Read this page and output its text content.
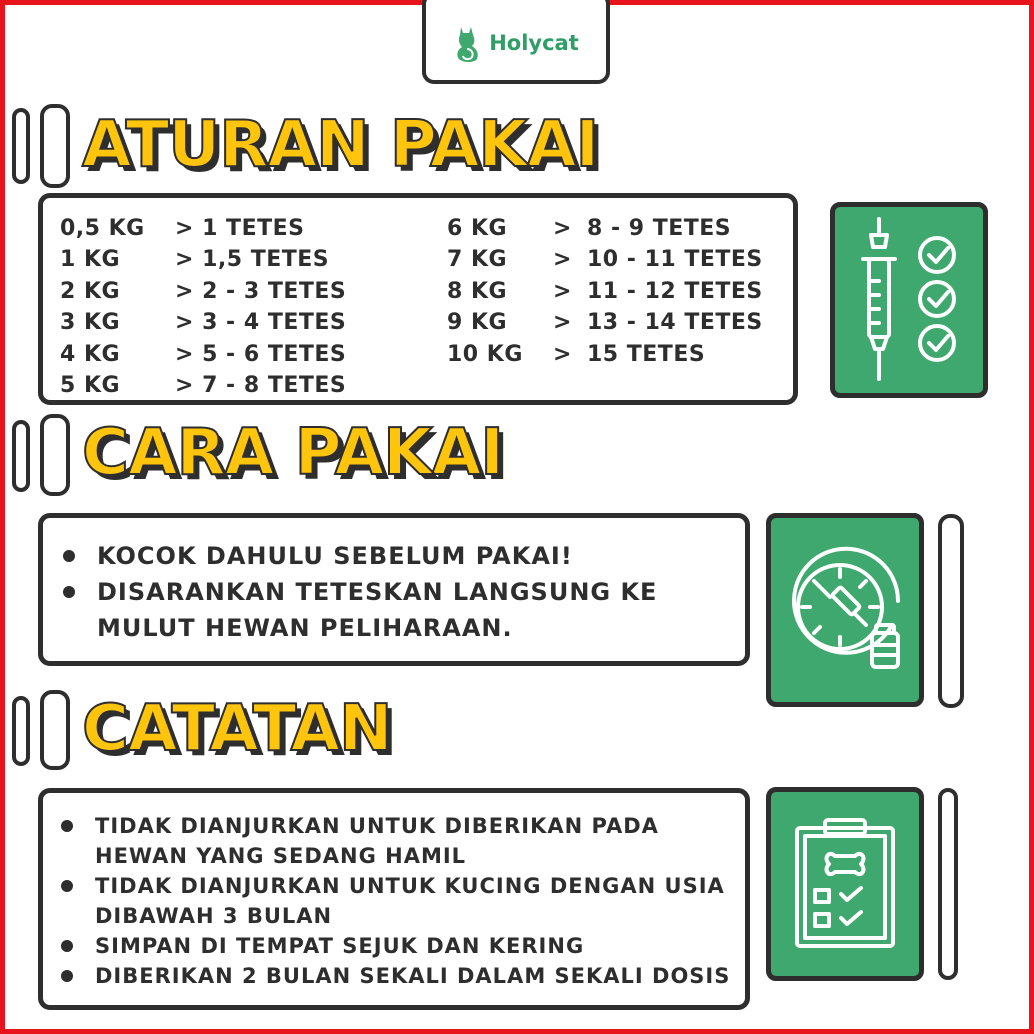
Holycat
ATURAN PAKAI
0,5 KG > 1 TETES
1 KG > 1,5 TETES
2 KG > 2 - 3 TETES
3 KG > 3 - 4 TETES
4 KG > 5 - 6 TETES
5 KG > 7 - 8 TETES
6 KG > 8 - 9 TETES
7 KG > 10 - 11 TETES
8 KG > 11 - 12 TETES
9 KG > 13 - 14 TETES
10 KG > 15 TETES
CARA PAKAI
KOCOK DAHULU SEBELUM PAKAI!
DISARANKAN TETESKAN LANGSUNG KE MULUT HEWAN PELIHARAAN.
CATATAN
TIDAK DIANJURKAN UNTUK DIBERIKAN PADA HEWAN YANG SEDANG HAMIL
TIDAK DIANJURKAN UNTUK KUCING DENGAN USIA DIBAWAH 3 BULAN
SIMPAN DI TEMPAT SEJUK DAN KERING
DIBERIKAN 2 BULAN SEKALI DALAM SEKALI DOSIS
